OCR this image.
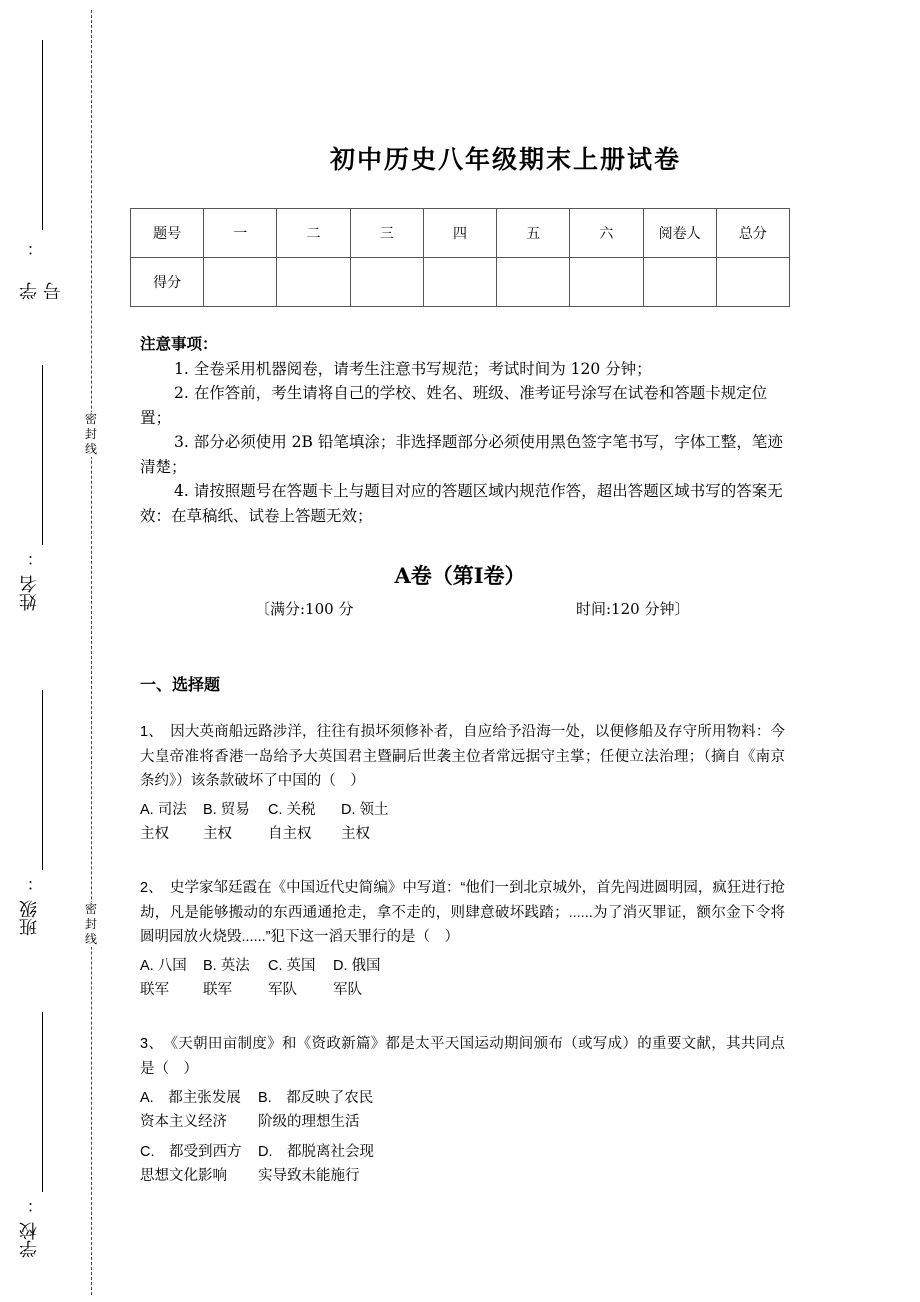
：
学号
：
姓名
：
班级
：
学校
密封线
密封线
初中历史八年级期末上册试卷
题号	一	二	三	四	五	六	阅卷人	总分
得分								
注意事项：
1. 全卷采用机器阅卷，请考生注意书写规范；考试时间为 120 分钟；
2. 在作答前，考生请将自己的学校、姓名、班级、准考证号涂写在试卷和答题卡规定位置；
3. 部分必须使用 2B 铅笔填涂；非选择题部分必须使用黑色签字笔书写，字体工整，笔迹清楚；
4. 请按照题号在答题卡上与题目对应的答题区域内规范作答，超出答题区域书写的答案无效：在草稿纸、试卷上答题无效；
A卷（第Ⅰ卷）
〔满分:100 分	时间:120 分钟〕
一、选择题
1、　因大英商船远路涉洋，往往有损坏须修补者，自应给予沿海一处，以便修船及存守所用物料：今大皇帝准将香港一岛给予大英国君主暨嗣后世袭主位者常远据守主掌；任便立法治理；（摘自《南京条约》）该条款破坏了中国的（　）
A. 司法
主权
B. 贸易
主权
C. 关税
自主权
D. 领土
主权
2、　史学家邹廷霞在《中国近代史简编》中写道：“他们一到北京城外，首先闯进圆明园，疯狂进行抢劫，凡是能够搬动的东西通通抢走，拿不走的，则肆意破坏践踏；......为了消灭罪证，额尔金下令将圆明园放火烧毁......”犯下这一滔天罪行的是（　）
A. 八国
联军
B. 英法
联军
C. 英国
军队
D. 俄国
军队
3、　《天朝田亩制度》和《资政新篇》都是太平天国运动期间颁布（或写成）的重要文献，其共同点是（　）
A.　都主张发展
资本主义经济
B.　都反映了农民
阶级的理想生活
C.　都受到西方
思想文化影响
D.　都脱离社会现
实导致未能施行
